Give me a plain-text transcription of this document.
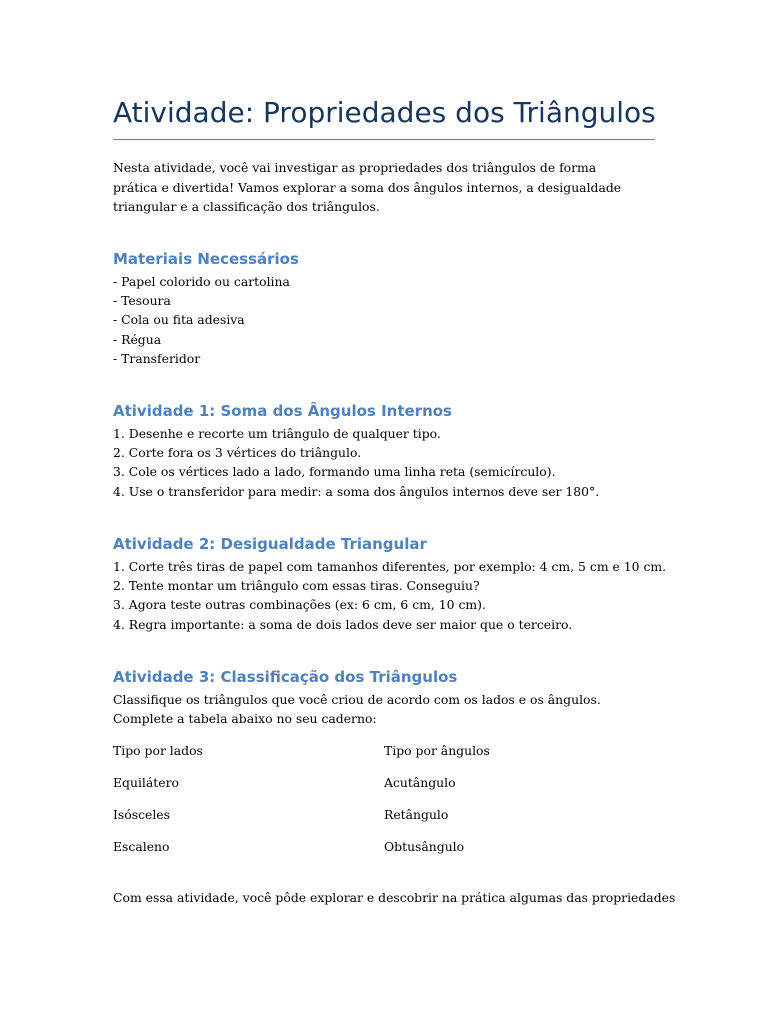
Atividade: Propriedades dos Triângulos

Nesta atividade, você vai investigar as propriedades dos triângulos de forma prática e divertida! Vamos explorar a soma dos ângulos internos, a desigualdade triangular e a classificação dos triângulos.

Materiais Necessários
- Papel colorido ou cartolina
- Tesoura
- Cola ou fita adesiva
- Régua
- Transferidor
Atividade 1: Soma dos Ângulos Internos
1. Desenhe e recorte um triângulo de qualquer tipo.
2. Corte fora os 3 vértices do triângulo.
3. Cole os vértices lado a lado, formando uma linha reta (semicírculo).
4. Use o transferidor para medir: a soma dos ângulos internos deve ser 180°.
Atividade 2: Desigualdade Triangular
1. Corte três tiras de papel com tamanhos diferentes, por exemplo: 4 cm, 5 cm e 10 cm.
2. Tente montar um triângulo com essas tiras. Conseguiu?
3. Agora teste outras combinações (ex: 6 cm, 6 cm, 10 cm).
4. Regra importante: a soma de dois lados deve ser maior que o terceiro.
Atividade 3: Classificação dos Triângulos
Classifique os triângulos que você criou de acordo com os lados e os ângulos.
Complete a tabela abaixo no seu caderno:
Tipo por lados	Tipo por ângulos
Equilátero	Acutângulo
Isósceles	Retângulo
Escaleno	Obtusângulo

Com essa atividade, você pôde explorar e descobrir na prática algumas das propriedades
